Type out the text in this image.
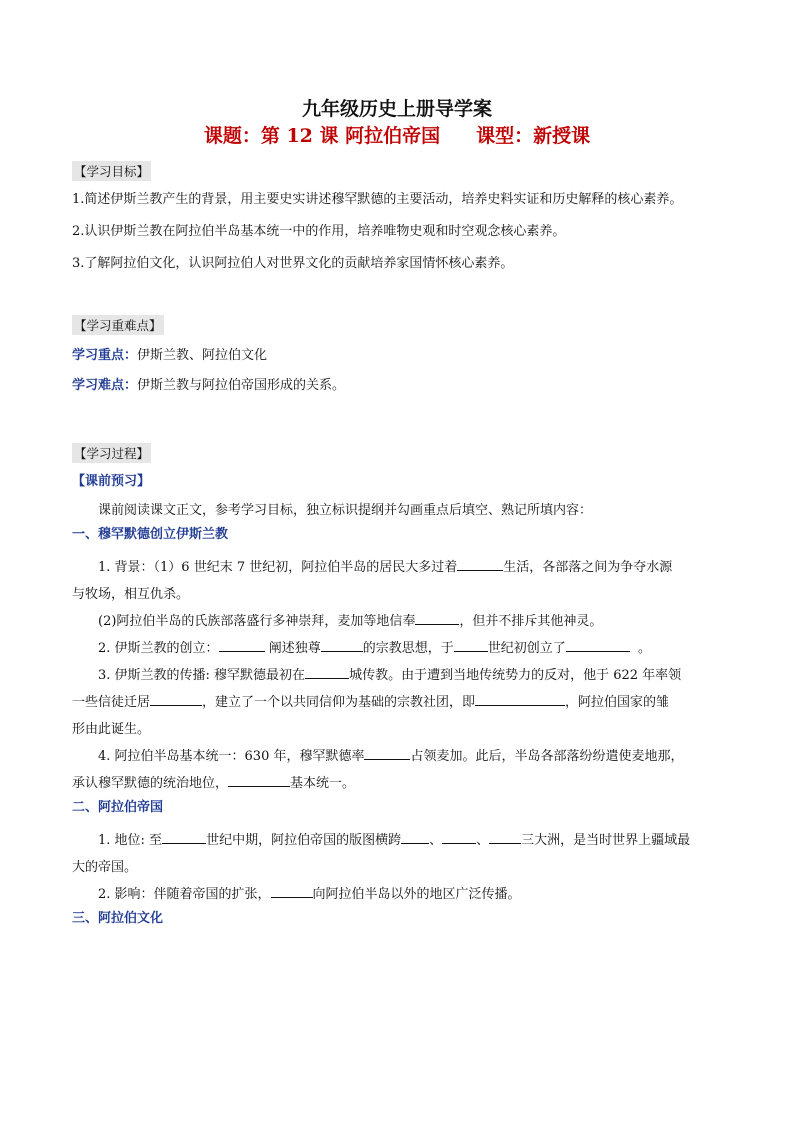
九年级历史上册导学案

课题：第 12 课 阿拉伯帝国 课型：新授课

【学习目标】

1.简述伊斯兰教产生的背景，用主要史实讲述穆罕默德的主要活动，培养史料实证和历史解释的核心素养。

2.认识伊斯兰教在阿拉伯半岛基本统一中的作用，培养唯物史观和时空观念核心素养。

3.了解阿拉伯文化，认识阿拉伯人对世界文化的贡献培养家国情怀核心素养。

【学习重难点】

学习重点：伊斯兰教、阿拉伯文化

学习难点：伊斯兰教与阿拉伯帝国形成的关系。

【学习过程】

【课前预习】

课前阅读课文正文，参考学习目标，独立标识提纲并勾画重点后填空、熟记所填内容：

一、穆罕默德创立伊斯兰教

1. 背景：（1）6 世纪末 7 世纪初，阿拉伯半岛的居民大多过着	生活，各部落之间为争夺水源

与牧场，相互仇杀。

(2)阿拉伯半岛的氏族部落盛行多神崇拜，麦加等地信奉	，但并不排斥其他神灵。

2. 伊斯兰教的创立：	阐述独尊	的宗教思想，于	世纪初创立了	。

3. 伊斯兰教的传播: 穆罕默德最初在	城传教。由于遭到当地传统势力的反对，他于 622 年率领

一些信徒迁居	，建立了一个以共同信仰为基础的宗教社团，即	，阿拉伯国家的雏

形由此诞生。

4. 阿拉伯半岛基本统一：630 年，穆罕默德率	占领麦加。此后，半岛各部落纷纷遣使麦地那，

承认穆罕默德的统治地位，	基本统一。

二、阿拉伯帝国

1. 地位: 至	世纪中期，阿拉伯帝国的版图横跨 、	、 三大洲，是当时世界上疆域最

大的帝国。

2. 影响：伴随着帝国的扩张，	向阿拉伯半岛以外的地区广泛传播。

三、阿拉伯文化
